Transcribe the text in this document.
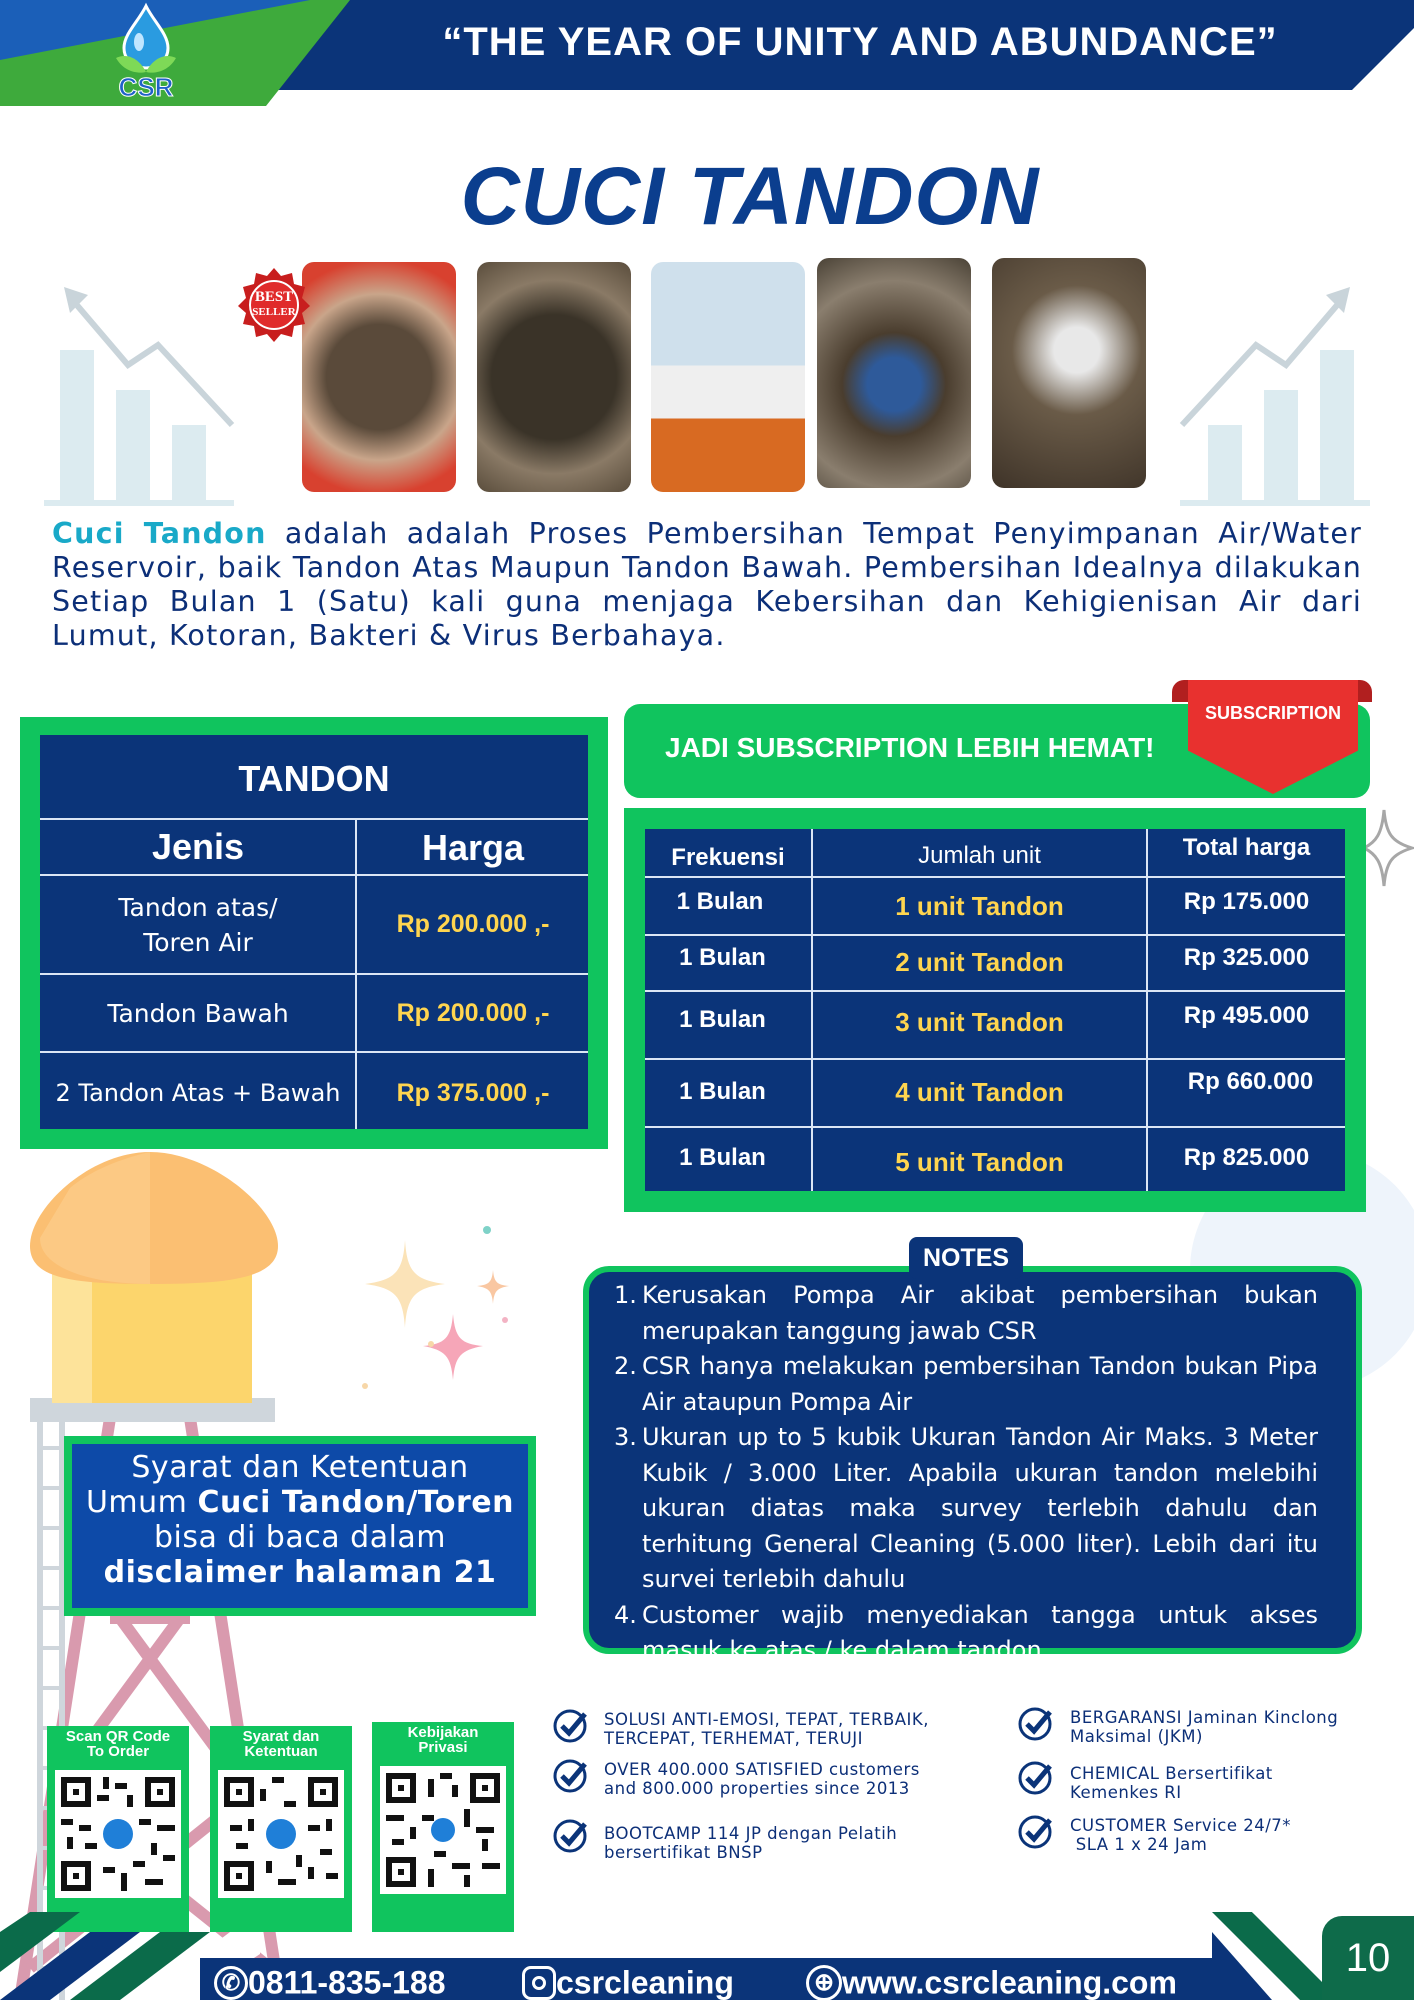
CSR
“THE YEAR OF UNITY AND ABUNDANCE”
CUCI TANDON
BEST
SELLER
Cuci Tandon adalah adalah Proses Pembersihan Tempat Penyimpanan Air/Water Reservoir, baik Tandon Atas Maupun Tandon Bawah. Pembersihan Idealnya dilakukan Setiap Bulan 1 (Satu) kali guna menjaga Kebersihan dan Kehigienisan Air dari Lumut, Kotoran, Bakteri & Virus Berbahaya.
TANDON
Jenis	Harga
Tandon atas/
Toren Air
Rp 200.000 ,-
Tandon Bawah	Rp 200.000 ,-
2 Tandon Atas + Bawah	Rp 375.000 ,-
JADI SUBSCRIPTION LEBIH HEMAT!
SUBSCRIPTION
Frekuensi	Jumlah unit	Total harga
1 Bulan	1 unit Tandon	Rp 175.000
1 Bulan	2 unit Tandon	Rp 325.000
1 Bulan	3 unit Tandon	Rp 495.000
1 Bulan	4 unit Tandon	Rp 660.000
1 Bulan	5 unit Tandon	Rp 825.000
Syarat dan Ketentuan
Umum Cuci Tandon/Toren
bisa di baca dalam
disclaimer halaman 21
NOTES
1. Kerusakan Pompa Air akibat pembersihan bukan merupakan tanggung jawab CSR
2. CSR hanya melakukan pembersihan Tandon bukan Pipa Air ataupun Pompa Air
3. Ukuran up to 5 kubik Ukuran Tandon Air Maks. 3 Meter Kubik / 3.000 Liter. Apabila ukuran tandon melebihi ukuran diatas maka survey terlebih dahulu dan terhitung General Cleaning (5.000 liter). Lebih dari itu survei terlebih dahulu
4. Customer wajib menyediakan tangga untuk akses masuk ke atas / ke dalam tandon
Scan QR Code
To Order
Syarat dan
Ketentuan
Kebijakan
Privasi
SOLUSI ANTI-EMOSI, TEPAT, TERBAIK,
TERCEPAT, TERHEMAT, TERUJI
OVER 400.000 SATISFIED customers
and 800.000 properties since 2013
BOOTCAMP 114 JP dengan Pelatih
bersertifikat BNSP
BERGARANSI Jaminan Kinclong
Maksimal (JKM)
CHEMICAL Bersertifikat
Kemenkes RI
CUSTOMER Service 24/7*
SLA 1 x 24 Jam
✆ 0811-835-188	csrcleaning	⊕ www.csrcleaning.com
10
